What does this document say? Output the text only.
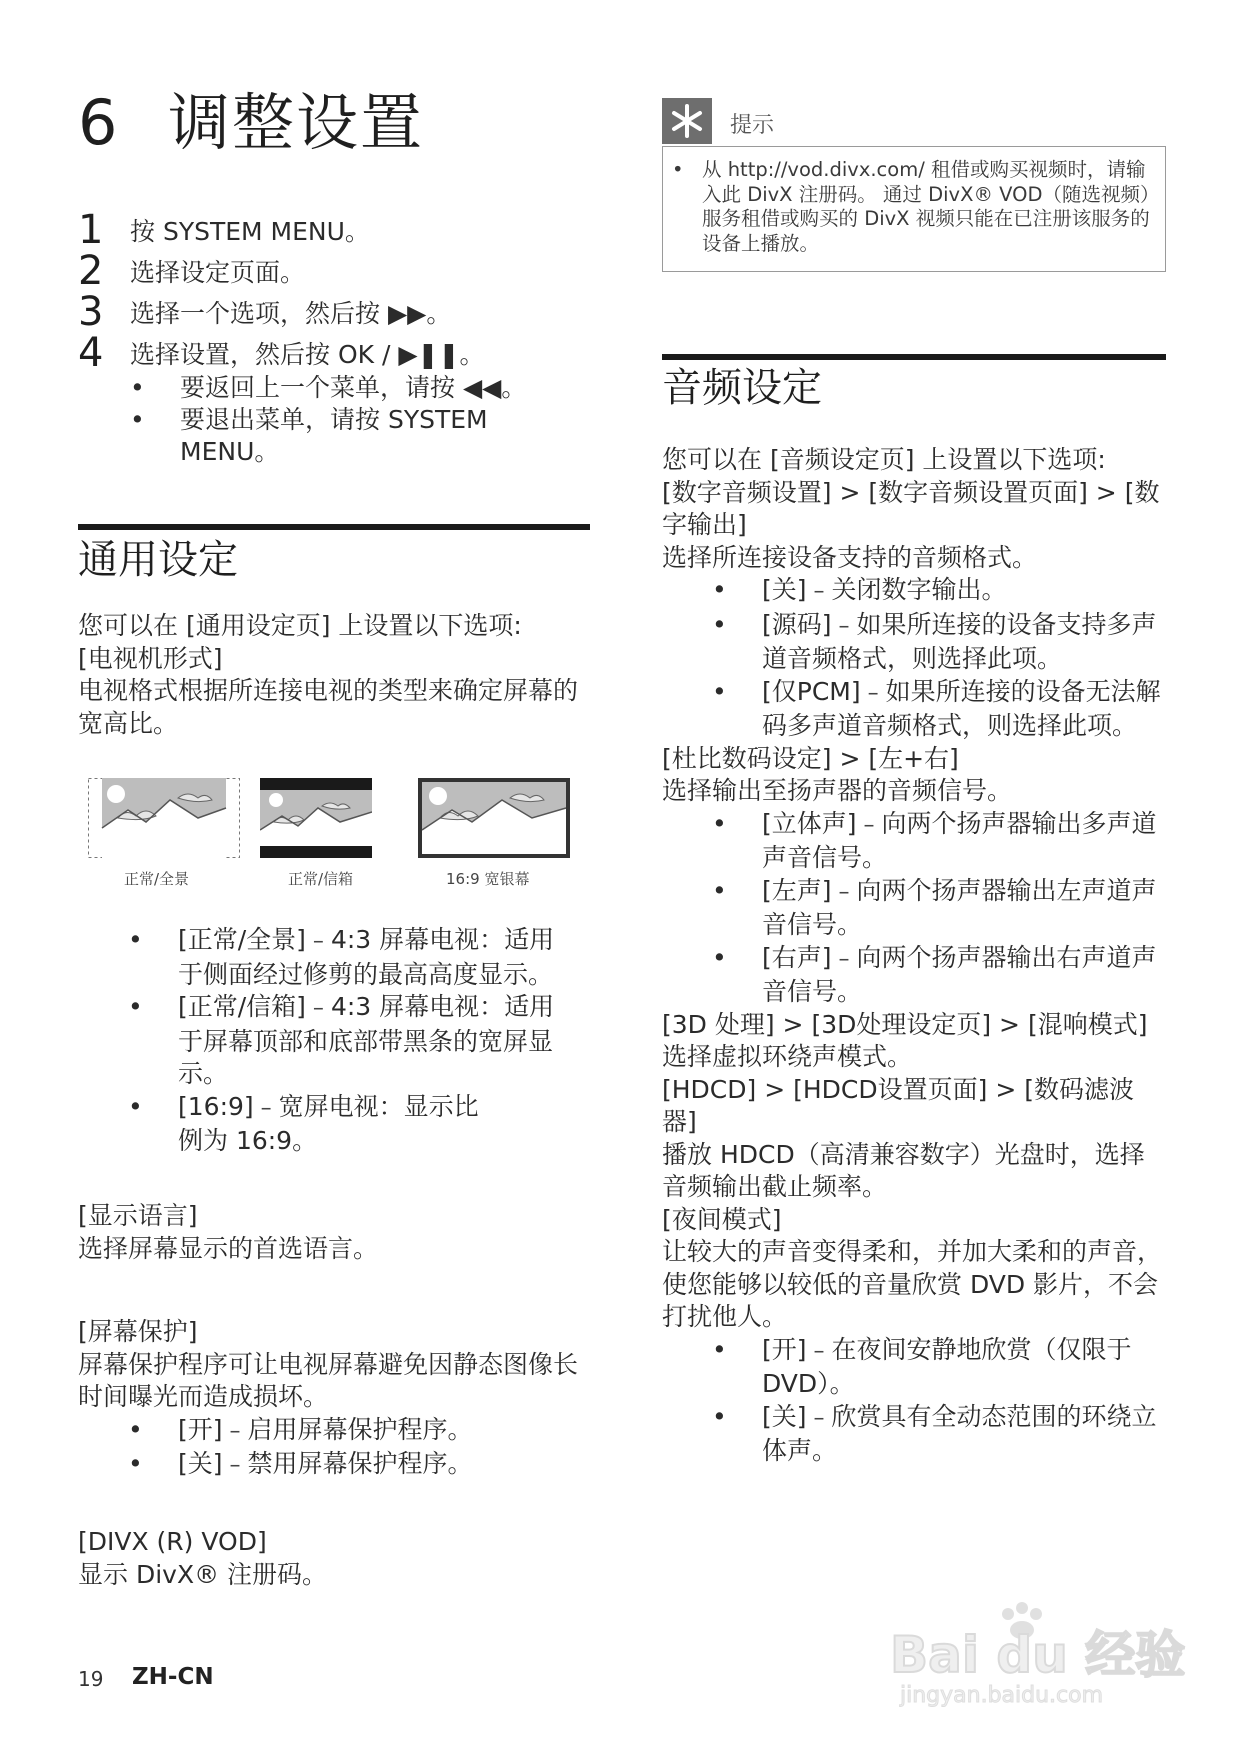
6 调整设置
1	按 SYSTEM MENU。
2	选择设定页面。
3	选择一个选项，然后按 ▶▶。
4	选择设置，然后按 OK / ▶❚❚。
•	要返回上一个菜单，请按 ◀◀。
•	要退出菜单，请按 SYSTEM MENU。
通用设定
您可以在 [通用设定页] 上设置以下选项:
[电视机形式]
电视格式根据所连接电视的类型来确定屏幕的宽高比。
正常/全景	正常/信箱	16:9 宽银幕
•	[正常/全景] – 4:3 屏幕电视：适用于侧面经过修剪的最高高度显示。
•	[正常/信箱] – 4:3 屏幕电视：适用于屏幕顶部和底部带黑条的宽屏显示。
•	[16:9] – 宽屏电视：显示比例为 16:9。
[显示语言]
选择屏幕显示的首选语言。
[屏幕保护]
屏幕保护程序可让电视屏幕避免因静态图像长时间曝光而造成损坏。
•	[开] – 启用屏幕保护程序。
•	[关] – 禁用屏幕保护程序。
[DIVX (R) VOD]
显示 DivX® 注册码。
提示
• 从 http://vod.divx.com/ 租借或购买视频时，请输入此 DivX 注册码。 通过 DivX® VOD（随选视频）服务租借或购买的 DivX 视频只能在已注册该服务的设备上播放。
音频设定
您可以在 [音频设定页] 上设置以下选项:
[数字音频设置] > [数字音频设置页面] > [数字输出]
选择所连接设备支持的音频格式。
•	[关] – 关闭数字输出。
•	[源码] – 如果所连接的设备支持多声道音频格式，则选择此项。
•	[仅PCM] – 如果所连接的设备无法解码多声道音频格式，则选择此项。
[杜比数码设定] > [左+右]
选择输出至扬声器的音频信号。
•	[立体声] – 向两个扬声器输出多声道声音信号。
•	[左声] – 向两个扬声器输出左声道声音信号。
•	[右声] – 向两个扬声器输出右声道声音信号。
[3D 处理] > [3D处理设定页] > [混响模式]
选择虚拟环绕声模式。
[HDCD] > [HDCD设置页面] > [数码滤波器]
播放 HDCD（高清兼容数字）光盘时，选择音频输出截止频率。
[夜间模式]
让较大的声音变得柔和，并加大柔和的声音，使您能够以较低的音量欣赏 DVD 影片，不会打扰他人。
•	[开] – 在夜间安静地欣赏（仅限于 DVD）。
•	[关] – 欣赏具有全动态范围的环绕立体声。
19 ZH-CN	Bai du 经验
jingyan.baidu.com
